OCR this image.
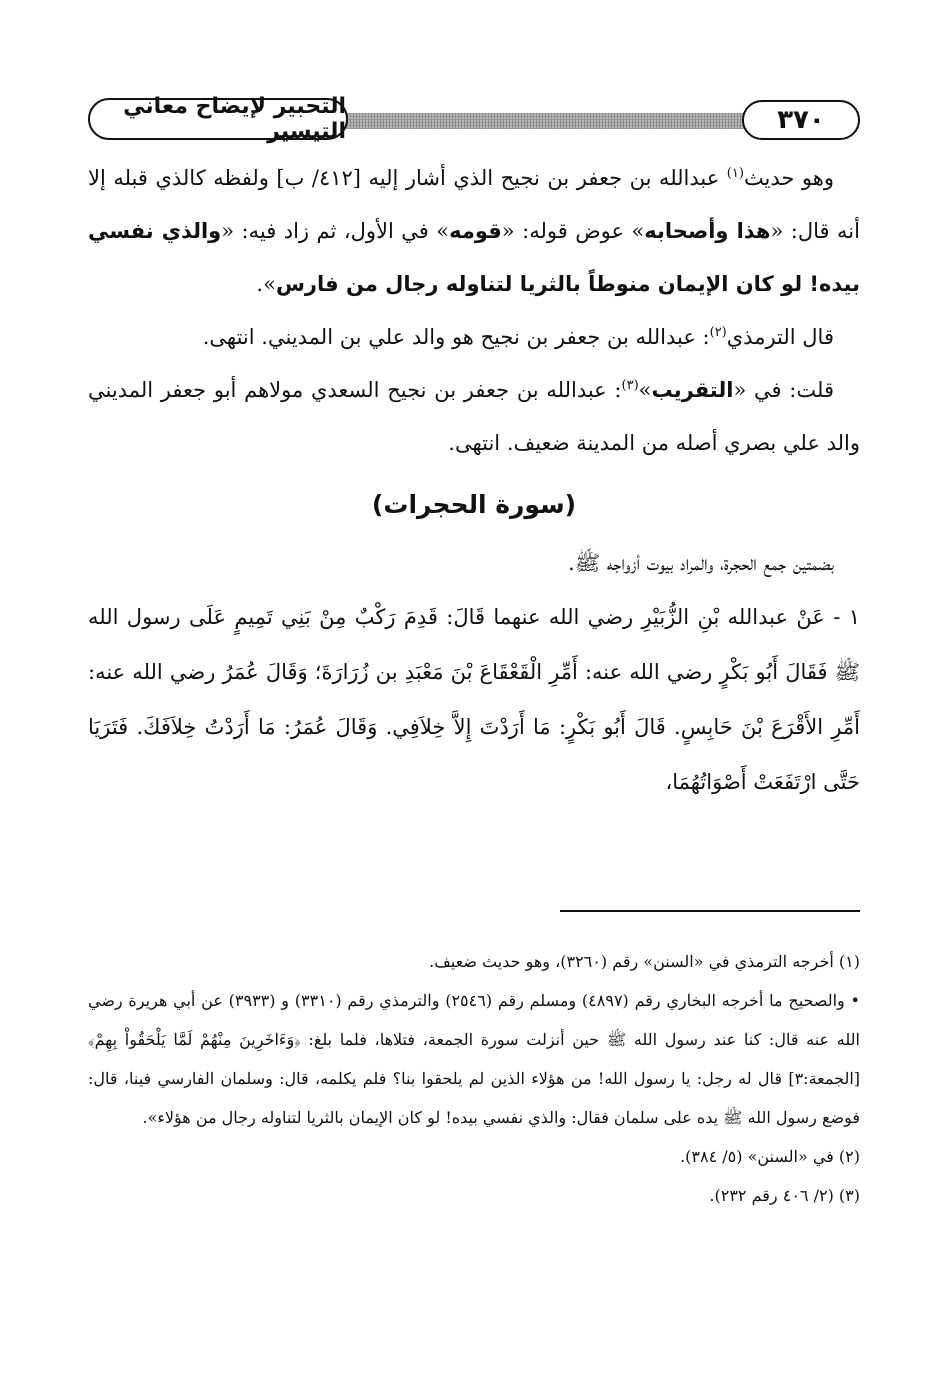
التحبير لإيضاح معاني التيسير	٣٧٠

وهو حديث$^{(١)}$ عبدالله بن جعفر بن نجيح الذي أشار إليه [٤١٢/ ب] ولفظه كالذي قبله إلا أنه قال: «هذا وأصحابه» عوض قوله: «قومه» في الأول، ثم زاد فيه: «والذي نفسي بيده! لو كان الإيمان منوطاً بالثريا لتناوله رجال من فارس».

قال الترمذي$^{(٢)}$: عبدالله بن جعفر بن نجيح هو والد علي بن المديني. انتهى.

قلت: في «التقريب»$^{(٣)}$: عبدالله بن جعفر بن نجيح السعدي مولاهم أبو جعفر المديني والد علي بصري أصله من المدينة ضعيف. انتهى.

(سورة الحجرات)

بضمتين جمع الحجرة، والمراد بيوت أزواجه ﷺ.

١ - عَنْ عبدالله بْنِ الزُّبَيْرِ رضي الله عنهما قَالَ: قَدِمَ رَكْبٌ مِنْ بَنِي تَمِيمٍ عَلَى رسول الله ﷺ فَقَالَ أَبُو بَكْرٍ رضي الله عنه: أَمِّرِ الْقَعْقَاعَ بْنَ مَعْبَدِ بن زُرَارَةَ؛ وَقَالَ عُمَرُ رضي الله عنه: أَمِّرِ الأَقْرَعَ بْنَ حَابِسٍ. قَالَ أَبُو بَكْرٍ: مَا أَرَدْتَ إِلاَّ خِلاَفِي. وَقَالَ عُمَرُ: مَا أَرَدْتُ خِلاَفَكَ. فَتَرَيَا حَتَّى ارْتَفَعَتْ أَصْوَاتُهُمَا،

(١) أخرجه الترمذي في «السنن» رقم (٣٢٦٠)، وهو حديث ضعيف.

• والصحيح ما أخرجه البخاري رقم (٤٨٩٧) ومسلم رقم (٢٥٤٦) والترمذي رقم (٣٣١٠) و (٣٩٣٣) عن أبي هريرة رضي الله عنه قال: كنا عند رسول الله ﷺ حين أنزلت سورة الجمعة، فتلاها، فلما بلغ: ﴿وَءَاخَرِينَ مِنْهُمْ لَمَّا يَلْحَقُواْ بِهِمْ﴾ [الجمعة:٣] قال له رجل: يا رسول الله! من هؤلاء الذين لم يلحقوا بنا؟ فلم يكلمه، قال: وسلمان الفارسي فينا، قال: فوضع رسول الله ﷺ يده على سلمان فقال: والذي نفسي بيده! لو كان الإيمان بالثريا لتناوله رجال من هؤلاء».

(٢) في «السنن» (٥/ ٣٨٤).

(٣) (٢/ ٤٠٦ رقم ٢٣٢).
